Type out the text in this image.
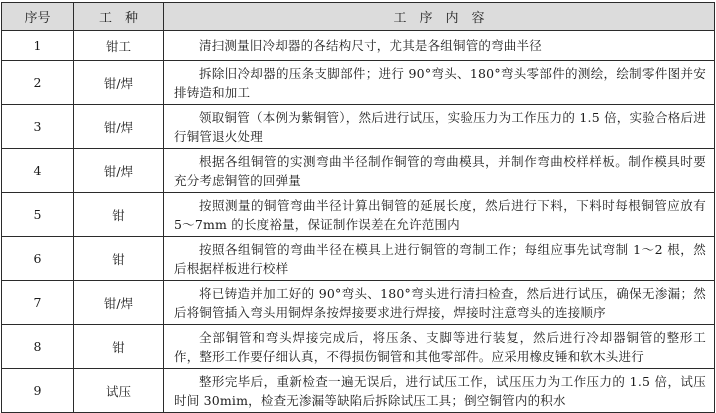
序号	工　种	工　序　内　容
1	钳工	清扫测量旧冷却器的各结构尺寸，尤其是各组铜管的弯曲半径
2	钳/焊	拆除旧冷却器的压条支脚部件；进行 90°弯头、180°弯头零部件的测绘，绘制零件图并安排铸造和加工
3	钳/焊	领取铜管（本例为紫铜管），然后进行试压，实验压力为工作压力的 1.5 倍，实验合格后进行铜管退火处理
4	钳/焊	根据各组铜管的实测弯曲半径制作铜管的弯曲模具，并制作弯曲校样样板。制作模具时要充分考虑铜管的回弹量
5	钳	按照测量的铜管弯曲半径计算出铜管的延展长度，然后进行下料，下料时每根铜管应放有 5～7mm 的长度裕量，保证制作误差在允许范围内
6	钳	按照各组铜管的弯曲半径在模具上进行铜管的弯制工作；每组应事先试弯制 1～2 根，然后根据样板进行校样
7	钳/焊	将已铸造并加工好的 90°弯头、180°弯头进行清扫检查，然后进行试压，确保无渗漏；然后将铜管插入弯头用铜焊条按焊接要求进行焊接，焊接时注意弯头的连接顺序
8	钳	全部铜管和弯头焊接完成后，将压条、支脚等进行装复，然后进行冷却器铜管的整形工作，整形工作要仔细认真，不得损伤铜管和其他零部件。应采用橡皮锤和软木头进行
9	试压	整形完毕后，重新检查一遍无误后，进行试压工作，试压压力为工作压力的 1.5 倍，试压时间 30mim，检查无渗漏等缺陷后拆除试压工具；倒空铜管内的积水
